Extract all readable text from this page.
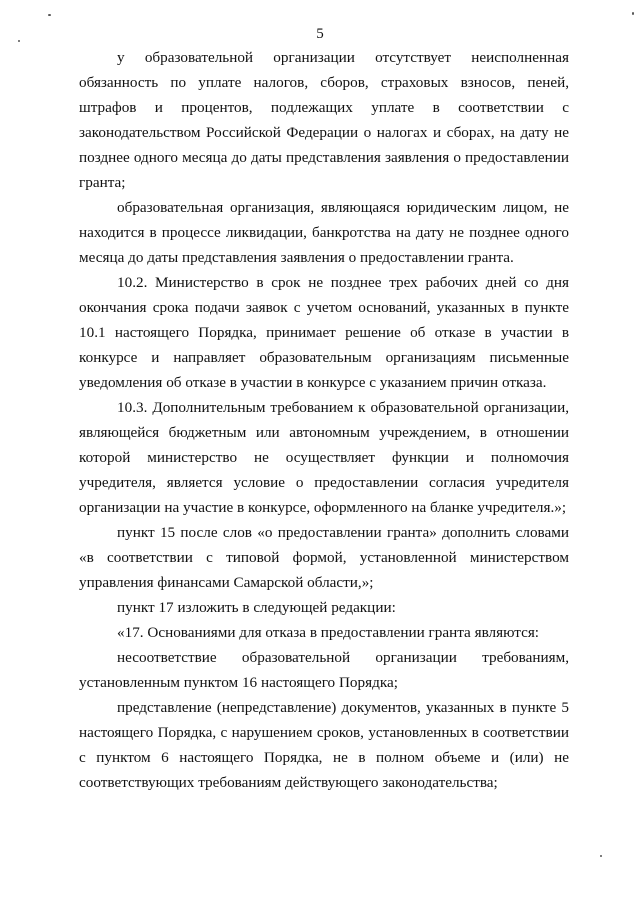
5

у образовательной организации отсутствует неисполненная обязанность по уплате налогов, сборов, страховых взносов, пеней, штрафов и процентов, подлежащих уплате в соответствии с законодательством Российской Федерации о налогах и сборах, на дату не позднее одного месяца до даты представления заявления о предоставлении гранта;

образовательная организация, являющаяся юридическим лицом, не находится в процессе ликвидации, банкротства на дату не позднее одного месяца до даты представления заявления о предоставлении гранта.

10.2. Министерство в срок не позднее трех рабочих дней со дня окончания срока подачи заявок с учетом оснований, указанных в пункте 10.1 настоящего Порядка, принимает решение об отказе в участии в конкурсе и направляет образовательным организациям письменные уведомления об отказе в участии в конкурсе с указанием причин отказа.

10.3. Дополнительным требованием к образовательной организации, являющейся бюджетным или автономным учреждением, в отношении которой министерство не осуществляет функции и полномочия учредителя, является условие о предоставлении согласия учредителя организации на участие в конкурсе, оформленного на бланке учредителя.»;

пункт 15 после слов «о предоставлении гранта» дополнить словами «в соответствии с типовой формой, установленной министерством управления финансами Самарской области,»;

пункт 17 изложить в следующей редакции:

«17. Основаниями для отказа в предоставлении гранта являются:

несоответствие образовательной организации требованиям, установленным пунктом 16 настоящего Порядка;

представление (непредставление) документов, указанных в пункте 5 настоящего Порядка, с нарушением сроков, установленных в соответствии с пунктом 6 настоящего Порядка, не в полном объеме и (или) не соответствующих требованиям действующего законодательства;
